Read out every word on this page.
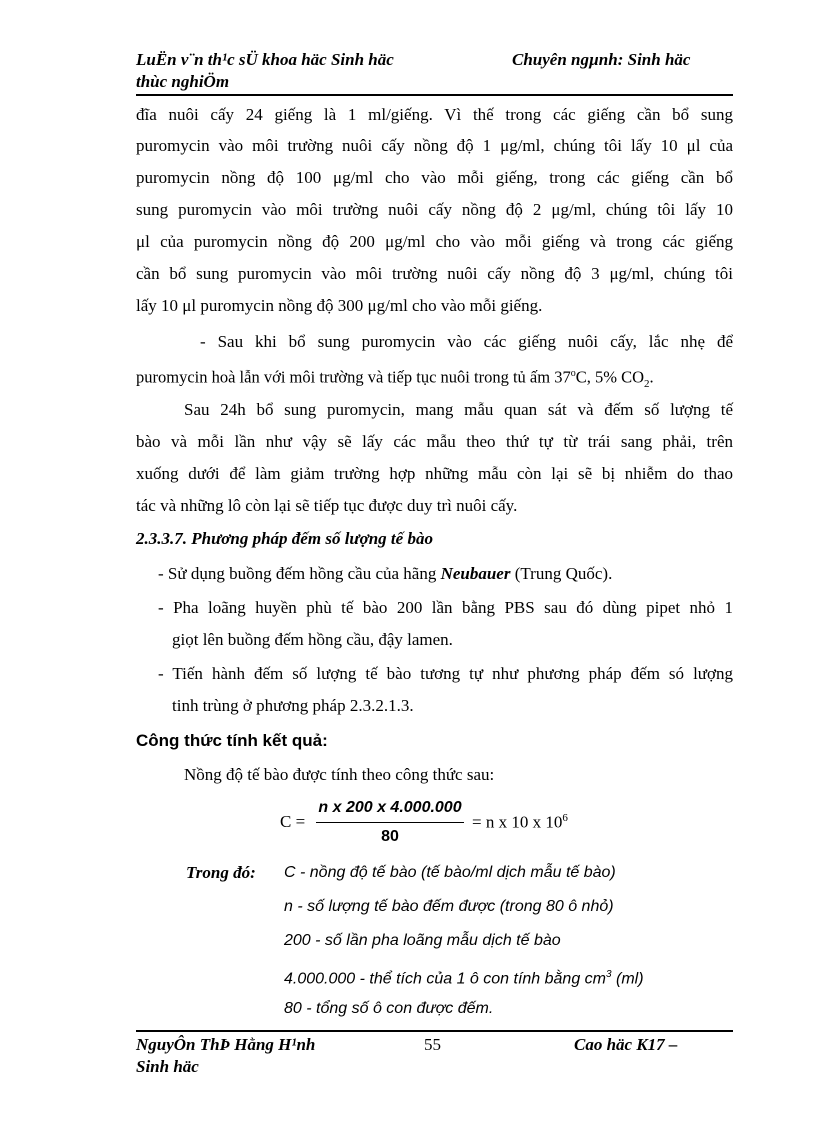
LuËn v¨n th¹c sÜ khoa häc Sinh häc
thùc nghiÖm
Chuyên ngµnh: Sinh häc
đĩa nuôi cấy 24 giếng là 1 ml/giếng. Vì thế trong các giếng cần bổ sung
puromycin vào môi trường nuôi cấy nồng độ 1 μg/ml, chúng tôi lấy 10 μl của
puromycin nồng độ 100 μg/ml cho vào mỗi giếng, trong các giếng cần bổ
sung puromycin vào môi trường nuôi cấy nồng độ 2 μg/ml, chúng tôi lấy 10
μl của puromycin nồng độ 200 μg/ml cho vào mỗi giếng và trong các giếng
cần bổ sung puromycin vào môi trường nuôi cấy nồng độ 3 μg/ml, chúng tôi
lấy 10 μl puromycin nồng độ 300 μg/ml cho vào mỗi giếng.
- Sau khi bổ sung puromycin vào các giếng nuôi cấy, lắc nhẹ để
puromycin hoà lẫn với môi trường và tiếp tục nuôi trong tủ ấm 37$^o$C, 5% $CO_2$.
Sau 24h bổ sung puromycin, mang mẫu quan sát và đếm số lượng tế
bào và mỗi lần như vậy sẽ lấy các mẫu theo thứ tự từ trái sang phải, trên
xuống dưới để làm giảm trường hợp những mẫu còn lại sẽ bị nhiễm do thao
tác và những lô còn lại sẽ tiếp tục được duy trì nuôi cấy.
2.3.3.7. Phương pháp đếm số lượng tế bào
- Sử dụng buồng đếm hồng cầu của hãng Neubauer (Trung Quốc).
- Pha loãng huyền phù tế bào 200 lần bằng PBS sau đó dùng pipet nhỏ 1
giọt lên buồng đếm hồng cầu, đậy lamen.
- Tiến hành đếm số lượng tế bào tương tự như phương pháp đếm só lượng
tinh trùng ở phương pháp 2.3.2.1.3.
Công thức tính kết quả:
Nồng độ tế bào được tính theo công thức sau:
C =
n x 200 x 4.000.000
80
= n x 10 x $10^6$
Trong đó: C - nồng độ tế bào (tế bào/ml dịch mẫu tế bào)
n - số lượng tế bào đếm được (trong 80 ô nhỏ)
200 - số lần pha loãng mẫu dịch tế bào
4.000.000 - thể tích của 1 ô con tính bằng $cm^3$ (ml)
80 - tổng số ô con được đếm.
NguyÔn ThÞ Hằng H¹nh
Sinh häc
55	Cao häc K17 –
